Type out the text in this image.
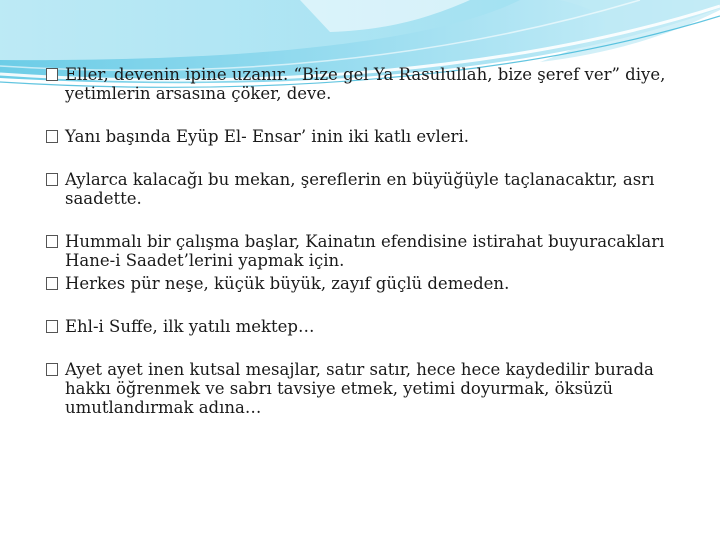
Eller, devenin ipine uzanır. “Bize gel Ya Rasulullah, bize şeref ver” diye, yetimlerin arsasına çöker, deve.
Yanı başında Eyüp El- Ensar’ inin iki katlı evleri.
Aylarca kalacağı bu mekan, şereflerin en büyüğüyle taçlanacaktır, asrı saadette.
Hummalı bir çalışma başlar, Kainatın efendisine istirahat buyuracakları Hane-i Saadet’lerini yapmak için.
Herkes pür neşe, küçük büyük, zayıf güçlü demeden.
Ehl-i Suffe, ilk yatılı mektep…
Ayet ayet inen kutsal mesajlar, satır satır, hece hece kaydedilir burada hakkı öğrenmek ve sabrı tavsiye etmek, yetimi doyurmak, öksüzü umutlandırmak adına…
